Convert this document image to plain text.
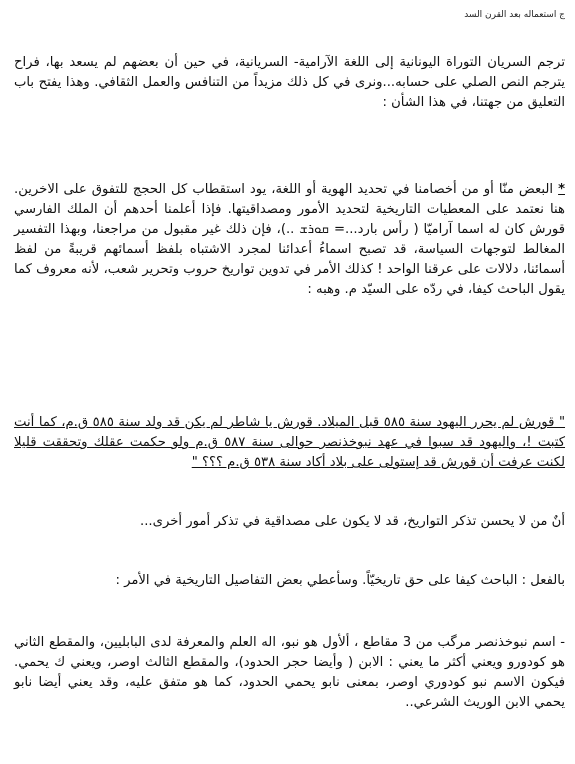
ج استعماله بعد القرن السد

ترجم السريان التوراة اليونانية إلى اللغة الآرامية- السريانية، في حين أن بعضهم لم يسعد بها، فراح يترجم النص الصلي على حسابه...ونرى في كل ذلك مزيداً من التنافس والعمل الثقافي. وهذا يفتح باب التعليق من جهتنا، في هذا الشأن :

* البعض منّا أو من أخصامنا في تحديد الهوية أو اللغة، يود استقطاب كل الحجج للتفوق على الاخرين. هنا نعتمد على المعطيات التاريخية لتحديد الأمور ومصداقيتها. فإذا أعلمنا أحدهم أن الملك الفارسي قورش كان له اسما آراميّا ( رأس بارد...= ܩܘܪܫ ..)، فإن ذلك غير مقبول من مراجعنا، وبهذا التفسير المغالط لتوجهات السياسة، قد تصبح اسماءُ أعدائنا لمجرد الاشتباه بلفظ أسمائهم قريبةً من لفظ أسمائنا، دلالات على عرقنا الواحد ! كذلك الأمر في تدوين تواريخ حروب وتحرير شعب، لأنه معروف كما يقول الباحث كيفا، في ردّه على السيّد م. وهبه :

" قورش لم يحرر اليهود سنة ٥٨٥ قبل الميلاد. قورش يا شاطر لم يكن قد ولد سنة ٥٨٥ ق.م، كما أنت كتبت !، واليهود قد سبوا في عهد نبوخذنصر حوالى سنة ٥٨٧ ق.م ولو حكمت عقلك وتحققت قليلا لكنت عرفت أن قورش قد إستولى على بلاد أكاد سنة ٥٣٨ ق.م ؟؟؟ "

أنٌ من لا يحسن تذكر التواريخ، قد لا يكون على مصداقية في تذكر أمور أخرى...

بالفعل : الباحث كيفا على حق تاريخيّاً. وسأعطي بعض التفاصيل التاريخية في الأمر :

- اسم نبوخذنصر مرگب من 3 مقاطع ، ألأول هو نبو، اله العلم والمعرفة لدى البابليين، والمقطع الثاني هو كودورو ويعني أكثر ما يعني : الابن ( وأيضا حجر الحدود)، والمقطع الثالث اوصر، ويعني ك يحمي. فيكون الاسم نبو كودوري اوصر، بمعنى نابو يحمي الحدود، كما هو متفق عليه، وقد يعني أيضا نابو يحمي الابن الوريث الشرعي..
